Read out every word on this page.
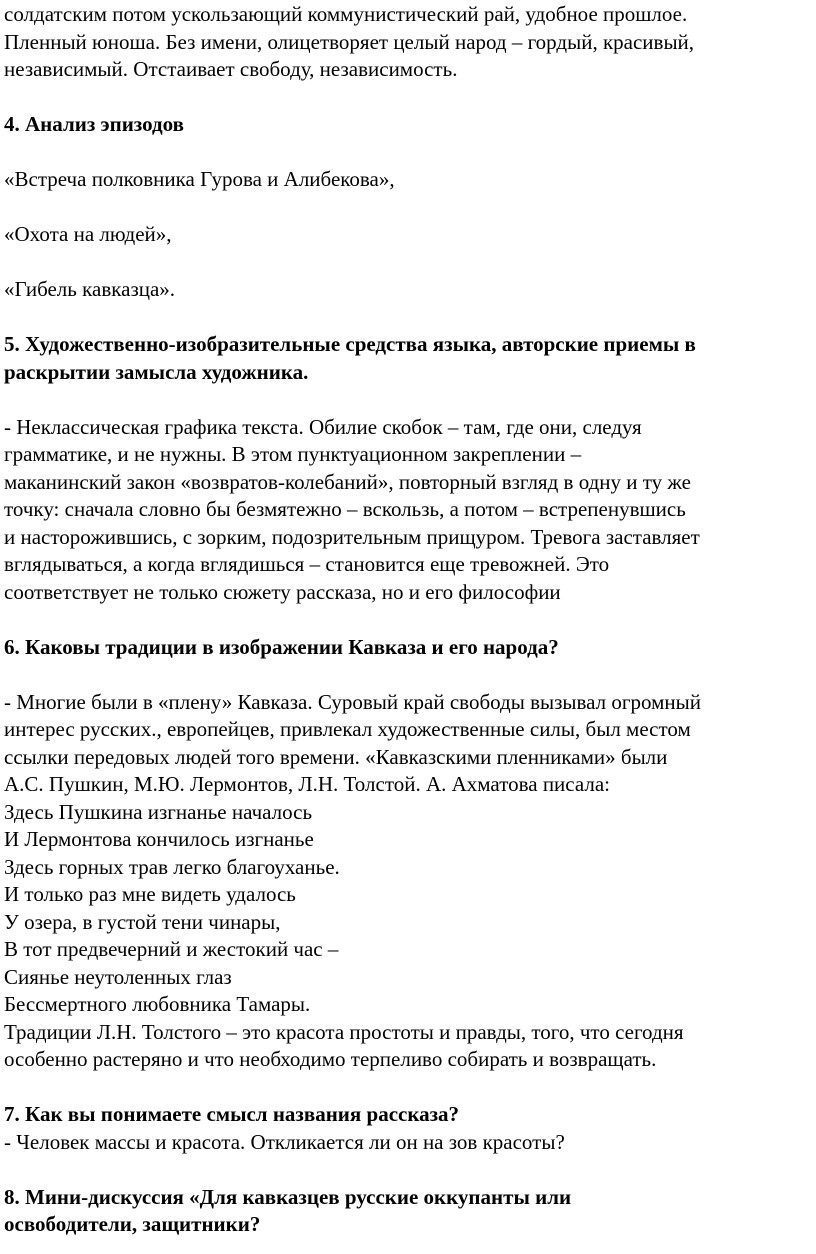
солдатским потом ускользающий коммунистический рай, удобное прошлое.
Пленный юноша. Без имени, олицетворяет целый народ – гордый, красивый,
независимый. Отстаивает свободу, независимость.
4. Анализ эпизодов
«Встреча полковника Гурова и Алибекова»,
«Охота на людей»,
«Гибель кавказца».
5. Художественно-изобразительные средства языка, авторские приемы в
раскрытии замысла художника.
- Неклассическая графика текста. Обилие скобок – там, где они, следуя
грамматике, и не нужны. В этом пунктуационном закреплении –
маканинский закон «возвратов-колебаний», повторный взгляд в одну и ту же
точку: сначала словно бы безмятежно – вскользь, а потом – встрепенувшись
и насторожившись, с зорким, подозрительным прищуром. Тревога заставляет
вглядываться, а когда вглядишься – становится еще тревожней. Это
соответствует не только сюжету рассказа, но и его философии
6. Каковы традиции в изображении Кавказа и его народа?
- Многие были в «плену» Кавказа. Суровый край свободы вызывал огромный
интерес русских., европейцев, привлекал художественные силы, был местом
ссылки передовых людей того времени. «Кавказскими пленниками» были
А.С. Пушкин, М.Ю. Лермонтов, Л.Н. Толстой. А. Ахматова писала:
Здесь Пушкина изгнанье началось
И Лермонтова кончилось изгнанье
Здесь горных трав легко благоуханье.
И только раз мне видеть удалось
У озера, в густой тени чинары,
В тот предвечерний и жестокий час –
Сиянье неутоленных глаз
Бессмертного любовника Тамары.
Традиции Л.Н. Толстого – это красота простоты и правды, того, что сегодня
особенно растеряно и что необходимо терпеливо собирать и возвращать.
7. Как вы понимаете смысл названия рассказа?
- Человек массы и красота. Откликается ли он на зов красоты?
8. Мини-дискуссия «Для кавказцев русские оккупанты или
освободители, защитники?
